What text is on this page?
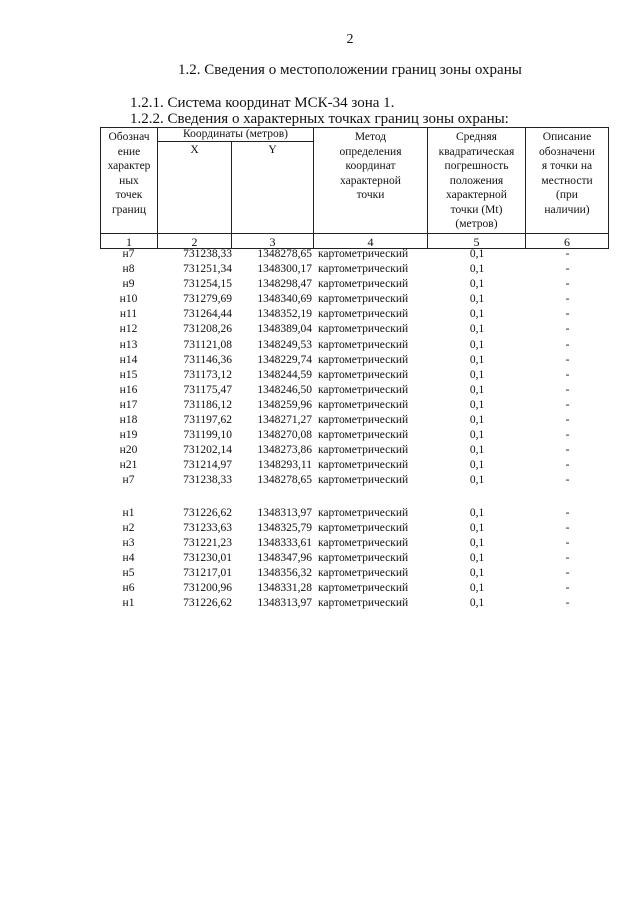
2
1.2. Сведения о местоположении границ зоны охраны
1.2.1. Система координат МСК-34 зона 1.
1.2.2. Сведения о характерных точках границ зоны охраны:
Обознач
ение
характер
ных
точек
границ
Координаты (метров)
X	Y
Метод
определения
координат
характерной
точки
Средняя
квадратическая
погрешность
положения
характерной
точки (Mt)
(метров)
Описание
обозначени
я точки на
местности
(при
наличии)
1	2	3	4	5	6
н7	731238,33	1348278,65 картометрический	0,1	-
н8	731251,34	1348300,17 картометрический	0,1	-
н9	731254,15	1348298,47 картометрический	0,1	-
н10	731279,69	1348340,69 картометрический	0,1	-
н11	731264,44	1348352,19 картометрический	0,1	-
н12	731208,26	1348389,04 картометрический	0,1	-
н13	731121,08	1348249,53 картометрический	0,1	-
н14	731146,36	1348229,74 картометрический	0,1	-
н15	731173,12	1348244,59 картометрический	0,1	-
н16	731175,47	1348246,50 картометрический	0,1	-
н17	731186,12	1348259,96 картометрический	0,1	-
н18	731197,62	1348271,27 картометрический	0,1	-
н19	731199,10	1348270,08 картометрический	0,1	-
н20	731202,14	1348273,86 картометрический	0,1	-
н21	731214,97	1348293,11 картометрический	0,1	-
н7	731238,33	1348278,65 картометрический	0,1	-
н1	731226,62	1348313,97 картометрический	0,1	-
н2	731233,63	1348325,79 картометрический	0,1	-
н3	731221,23	1348333,61 картометрический	0,1	-
н4	731230,01	1348347,96 картометрический	0,1	-
н5	731217,01	1348356,32 картометрический	0,1	-
н6	731200,96	1348331,28 картометрический	0,1	-
н1	731226,62	1348313,97 картометрический	0,1	-
